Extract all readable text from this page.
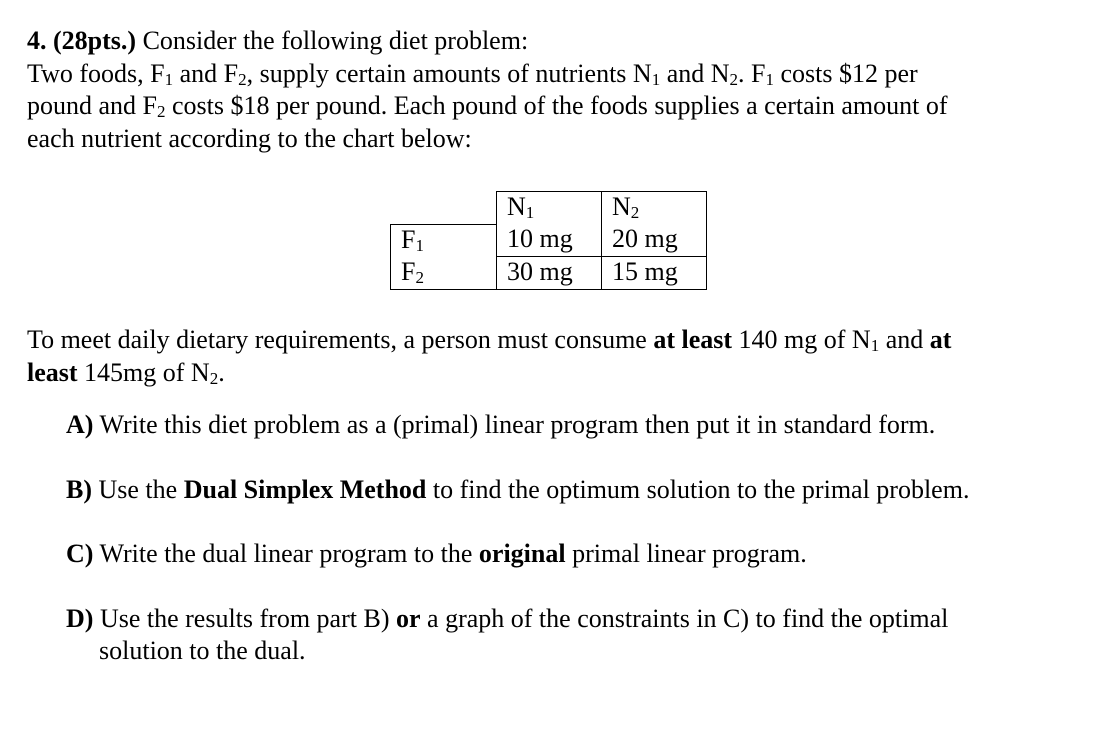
4. (28pts.) Consider the following diet problem:
Two foods, $F_1$ and $F_2$, supply certain amounts of nutrients $N_1$ and $N_2$. $F_1$ costs $12 per
pound and $F_2$ costs $18 per pound. Each pound of the foods supplies a certain amount of
each nutrient according to the chart below:

	$N_1$	$N_2$
$F_1$	10 mg	20 mg
$F_2$	30 mg	15 mg

To meet daily dietary requirements, a person must consume at least 140 mg of $N_1$ and at
least 145mg of $N_2$.

A) Write this diet problem as a (primal) linear program then put it in standard form.

B) Use the Dual Simplex Method to find the optimum solution to the primal problem.

C) Write the dual linear program to the original primal linear program.

D) Use the results from part B) or a graph of the constraints in C) to find the optimal
solution to the dual.
